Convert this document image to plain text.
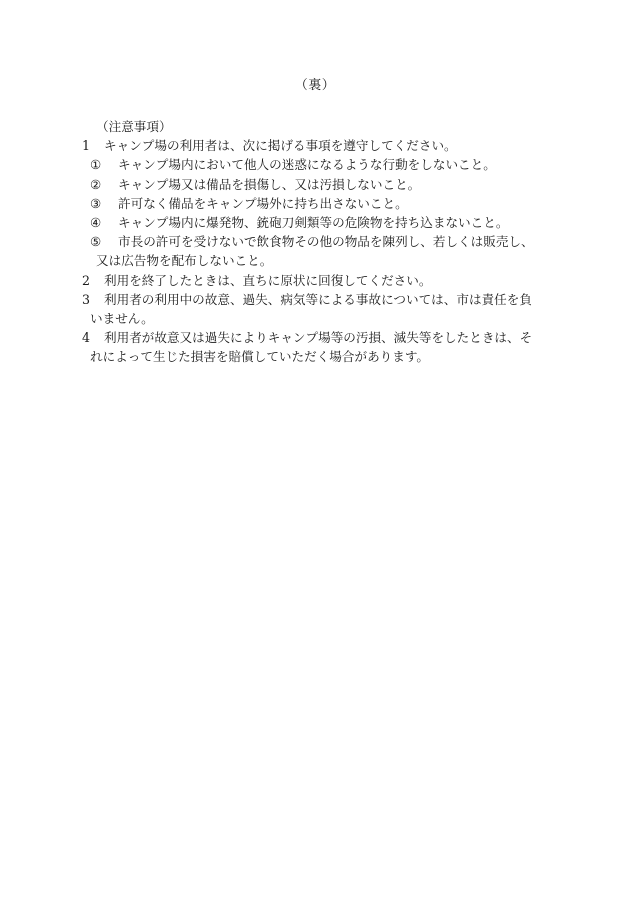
（裏）
（注意事項）
1	キャンプ場の利用者は、次に掲げる事項を遵守してください。
①	キャンプ場内において他人の迷惑になるような行動をしないこと。
②	キャンプ場又は備品を損傷し、又は汚損しないこと。
③	許可なく備品をキャンプ場外に持ち出さないこと。
④	キャンプ場内に爆発物、銃砲刀剣類等の危険物を持ち込まないこと。
⑤	市長の許可を受けないで飲食物その他の物品を陳列し、若しくは販売し、
又は広告物を配布しないこと。
2	利用を終了したときは、直ちに原状に回復してください。
3	利用者の利用中の故意、過失、病気等による事故については、市は責任を負
いません。
4	利用者が故意又は過失によりキャンプ場等の汚損、滅失等をしたときは、そ
れによって生じた損害を賠償していただく場合があります。
